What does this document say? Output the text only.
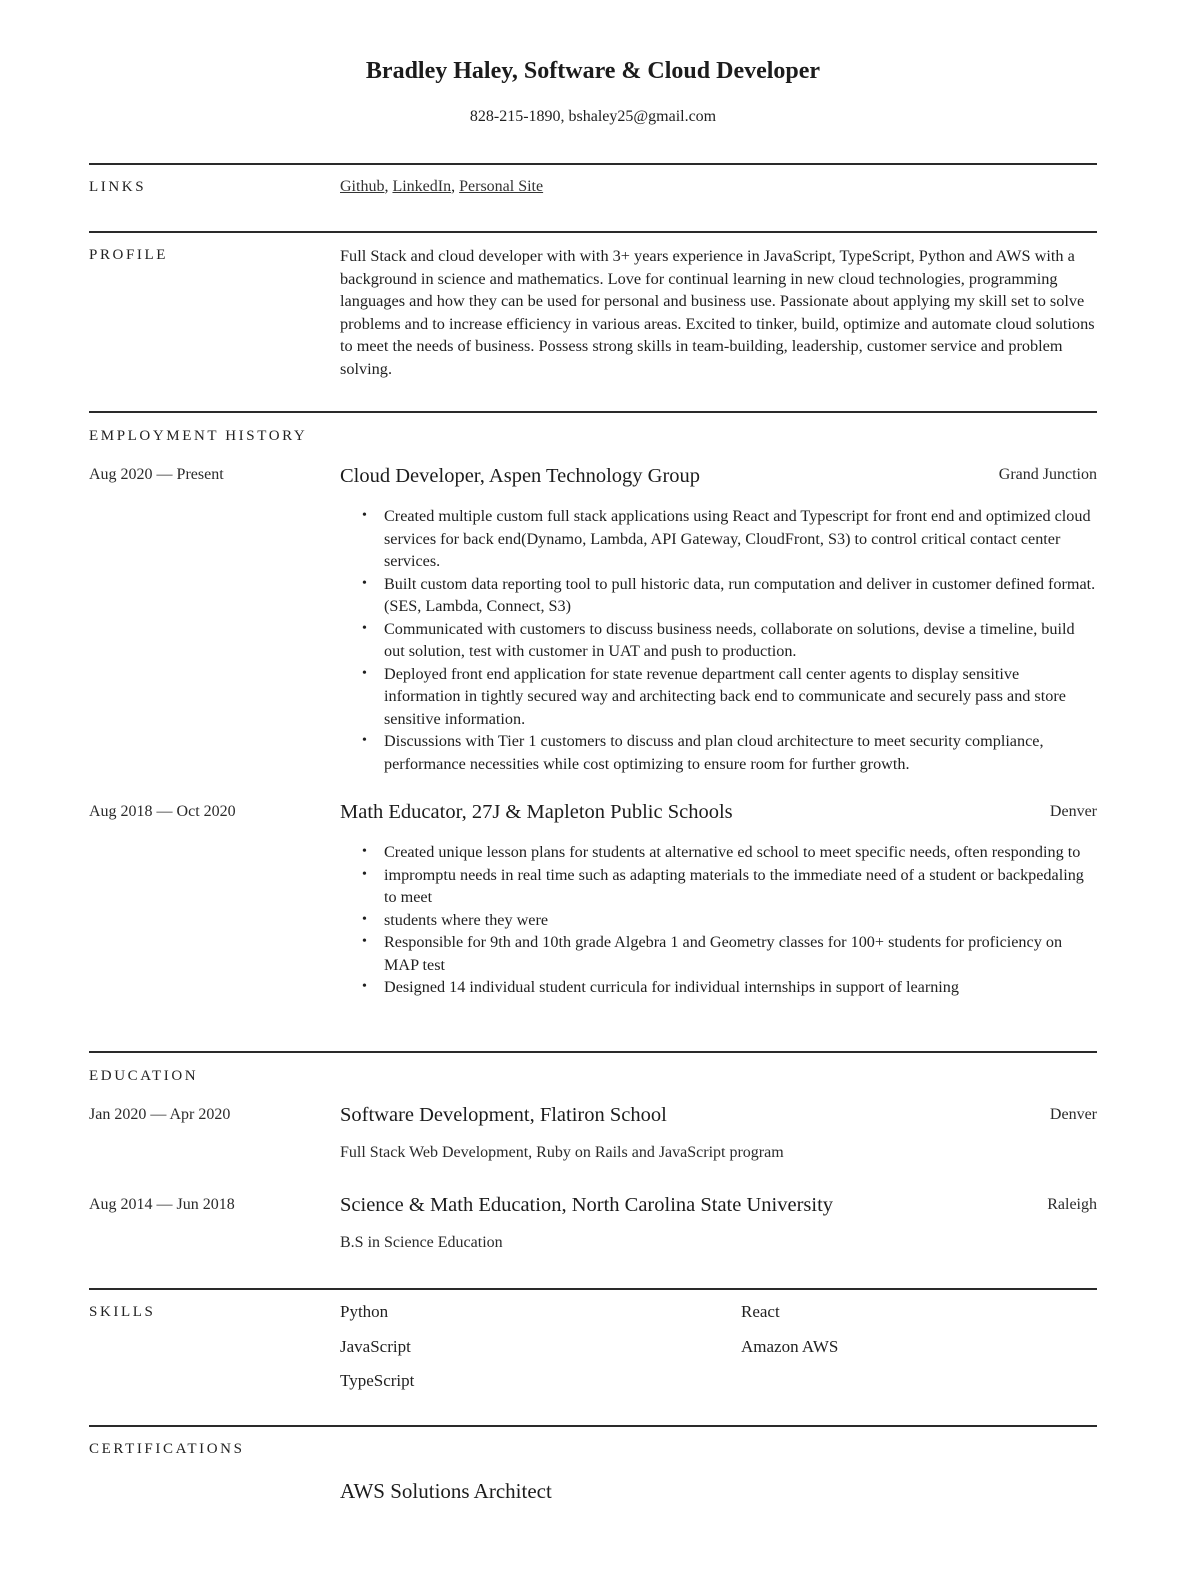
Bradley Haley, Software & Cloud Developer
828-215-1890, bshaley25@gmail.com
LINKS	Github, LinkedIn, Personal Site
PROFILE	Full Stack and cloud developer with with 3+ years experience in JavaScript, TypeScript, Python and AWS with a background in science and mathematics. Love for continual learning in new cloud technologies, programming languages and how they can be used for personal and business use. Passionate about applying my skill set to solve problems and to increase efficiency in various areas. Excited to tinker, build, optimize and automate cloud solutions to meet the needs of business. Possess strong skills in team-building, leadership, customer service and problem solving.

EMPLOYMENT HISTORY
Aug 2020 — Present	Cloud Developer, Aspen Technology Group	Grand Junction
• Created multiple custom full stack applications using React and Typescript for front end and optimized cloud services for back end(Dynamo, Lambda, API Gateway, CloudFront, S3) to control critical contact center services.
• Built custom data reporting tool to pull historic data, run computation and deliver in customer defined format.(SES, Lambda, Connect, S3)
• Communicated with customers to discuss business needs, collaborate on solutions, devise a timeline, build out solution, test with customer in UAT and push to production.
• Deployed front end application for state revenue department call center agents to display sensitive information in tightly secured way and architecting back end to communicate and securely pass and store sensitive information.
• Discussions with Tier 1 customers to discuss and plan cloud architecture to meet security compliance, performance necessities while cost optimizing to ensure room for further growth.
Aug 2018 — Oct 2020	Math Educator, 27J & Mapleton Public Schools	Denver
• Created unique lesson plans for students at alternative ed school to meet specific needs, often responding to
• impromptu needs in real time such as adapting materials to the immediate need of a student or backpedaling to meet
• students where they were
• Responsible for 9th and 10th grade Algebra 1 and Geometry classes for 100+ students for proficiency on MAP test
• Designed 14 individual student curricula for individual internships in support of learning
EDUCATION
Jan 2020 — Apr 2020	Software Development, Flatiron School	Denver
Full Stack Web Development, Ruby on Rails and JavaScript program
Aug 2014 — Jun 2018	Science & Math Education, North Carolina State University	Raleigh
B.S in Science Education
SKILLS	Python	React
JavaScript	Amazon AWS
TypeScript
CERTIFICATIONS
AWS Solutions Architect
